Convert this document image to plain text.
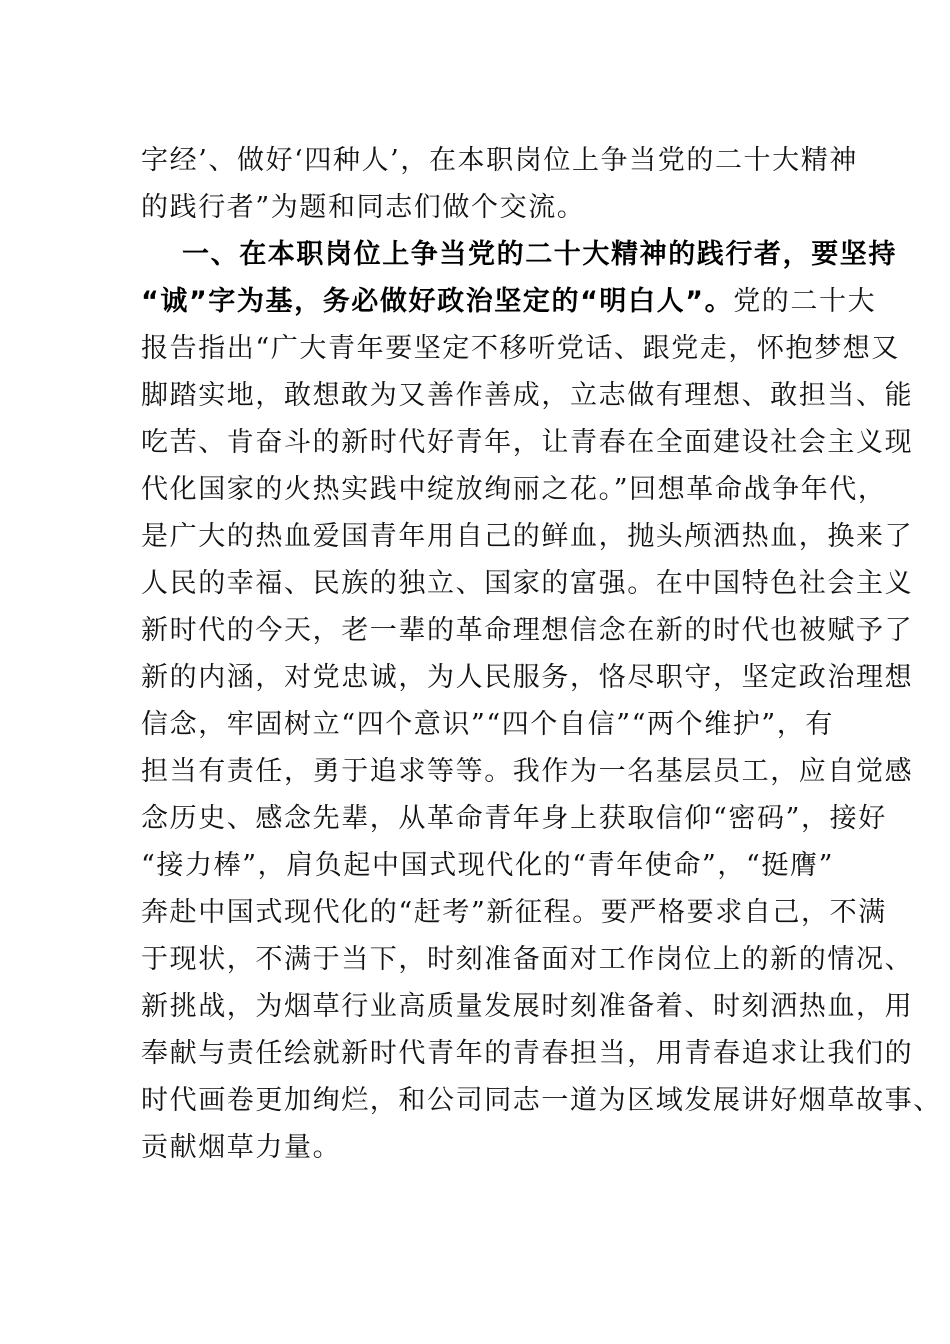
字经’、做好‘四种人’，在本职岗位上争当党的二十大精神
的践行者”为题和同志们做个交流。
一、在本职岗位上争当党的二十大精神的践行者，要坚持
“诚”字为基，务必做好政治坚定的“明白人”。党的二十大
报告指出“广大青年要坚定不移听党话、跟党走，怀抱梦想又
脚踏实地，敢想敢为又善作善成，立志做有理想、敢担当、能
吃苦、肯奋斗的新时代好青年，让青春在全面建设社会主义现
代化国家的火热实践中绽放绚丽之花。”回想革命战争年代，
是广大的热血爱国青年用自己的鲜血，抛头颅洒热血，换来了
人民的幸福、民族的独立、国家的富强。在中国特色社会主义
新时代的今天，老一辈的革命理想信念在新的时代也被赋予了
新的内涵，对党忠诚，为人民服务，恪尽职守，坚定政治理想
信念，牢固树立“四个意识”“四个自信”“两个维护”，有
担当有责任，勇于追求等等。我作为一名基层员工，应自觉感
念历史、感念先辈，从革命青年身上获取信仰“密码”，接好
“接力棒”，肩负起中国式现代化的“青年使命”，“挺膺”
奔赴中国式现代化的“赶考”新征程。要严格要求自己，不满
于现状，不满于当下，时刻准备面对工作岗位上的新的情况、
新挑战，为烟草行业高质量发展时刻准备着、时刻洒热血，用
奉献与责任绘就新时代青年的青春担当，用青春追求让我们的
时代画卷更加绚烂，和公司同志一道为区域发展讲好烟草故事、
贡献烟草力量。
